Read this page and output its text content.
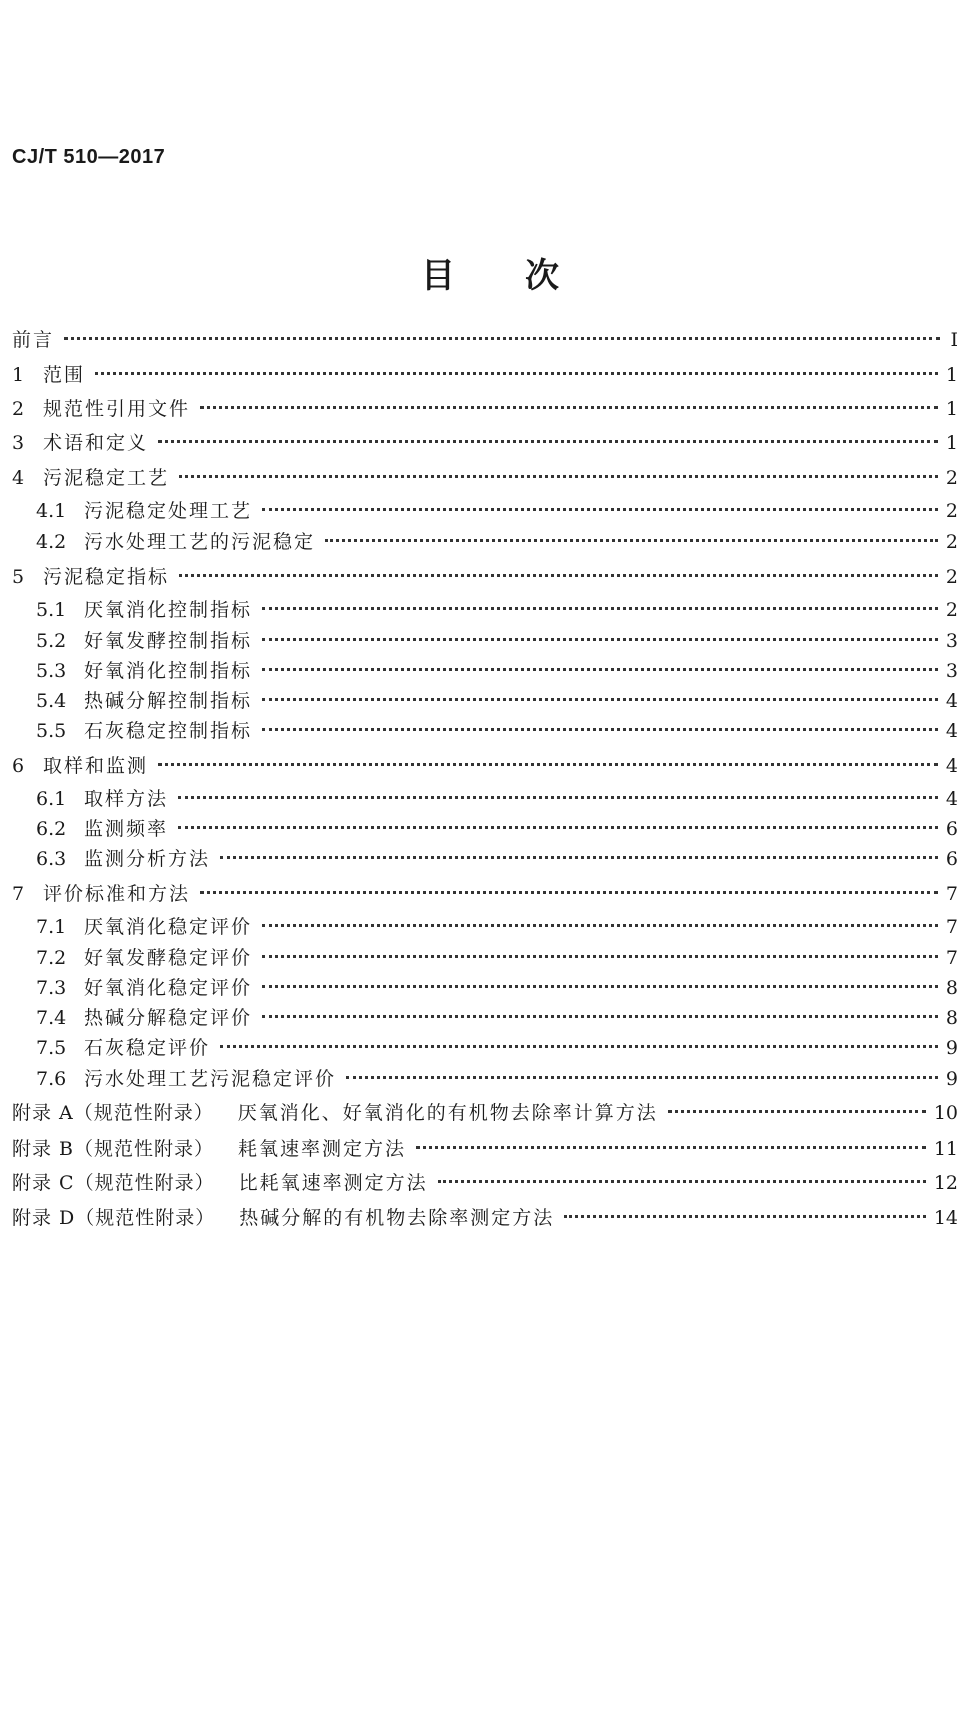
CJ/T 510—2017
目 次
前言	Ⅰ
1 范围	1
2 规范性引用文件	1
3 术语和定义	1
4 污泥稳定工艺	2
4.1 污泥稳定处理工艺	2
4.2 污水处理工艺的污泥稳定	2
5 污泥稳定指标	2
5.1 厌氧消化控制指标	2
5.2 好氧发酵控制指标	3
5.3 好氧消化控制指标	3
5.4 热碱分解控制指标	4
5.5 石灰稳定控制指标	4
6 取样和监测	4
6.1 取样方法	4
6.2 监测频率	6
6.3 监测分析方法	6
7 评价标准和方法	7
7.1 厌氧消化稳定评价	7
7.2 好氧发酵稳定评价	7
7.3 好氧消化稳定评价	8
7.4 热碱分解稳定评价	8
7.5 石灰稳定评价	9
7.6 污水处理工艺污泥稳定评价	9
附录 A（规范性附录） 厌氧消化、好氧消化的有机物去除率计算方法	10
附录 B（规范性附录） 耗氧速率测定方法	11
附录 C（规范性附录） 比耗氧速率测定方法	12
附录 D（规范性附录） 热碱分解的有机物去除率测定方法	14
